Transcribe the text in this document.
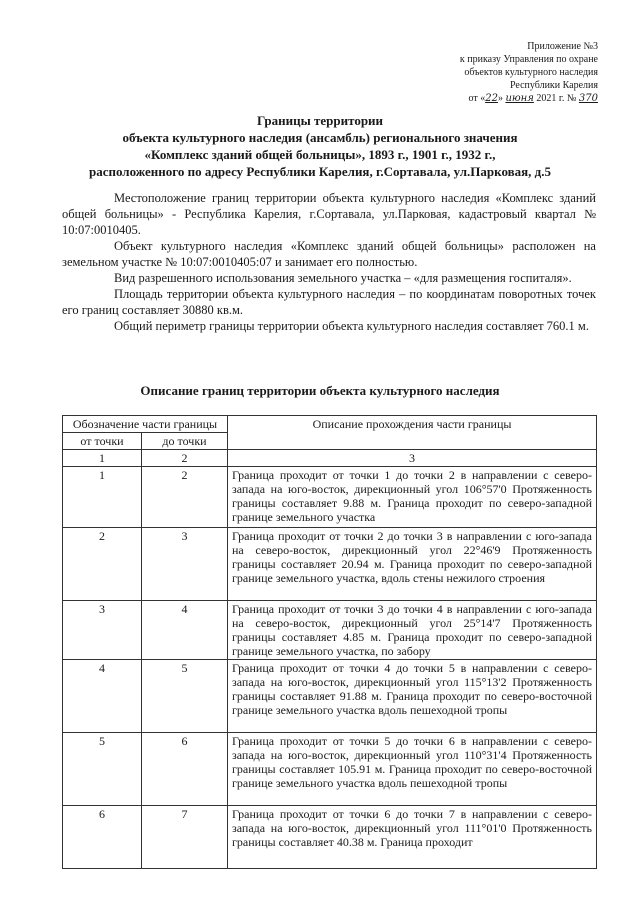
Приложение №3
к приказу Управления по охране
объектов культурного наследия
Республики Карелия
от «22» июня 2021 г. № 370
Границы территории
объекта культурного наследия (ансамбль) регионального значения
«Комплекс зданий общей больницы», 1893 г., 1901 г., 1932 г.,
расположенного по адресу Республики Карелия, г.Сортавала, ул.Парковая, д.5

Местоположение границ территории объекта культурного наследия «Комплекс зданий общей больницы» - Республика Карелия, г.Сортавала, ул.Парковая, кадастровый квартал № 10:07:0010405.

Объект культурного наследия «Комплекс зданий общей больницы» расположен на земельном участке № 10:07:0010405:07 и занимает его полностью.

Вид разрешенного использования земельного участка – «для размещения госпиталя».

Площадь территории объекта культурного наследия – по координатам поворотных точек его границ составляет 30880 кв.м.

Общий периметр границы территории объекта культурного наследия составляет 760.1 м.

Описание границ территории объекта культурного наследия
Обозначение части границы		Описание прохождения части границы
от точки	до точки	
1	2	3
1	2	Граница проходит от точки 1 до точки 2 в направлении с северо-запада на юго-восток, дирекционный угол 106°57'0 Протяженность границы составляет 9.88 м. Граница проходит по северо-западной границе земельного участка
2	3	Граница проходит от точки 2 до точки 3 в направлении с юго-запада на северо-восток, дирекционный угол 22°46'9 Протяженность границы составляет 20.94 м. Граница проходит по северо-западной границе земельного участка, вдоль стены нежилого строения
3	4	Граница проходит от точки 3 до точки 4 в направлении с юго-запада на северо-восток, дирекционный угол 25°14'7 Протяженность границы составляет 4.85 м. Граница проходит по северо-западной границе земельного участка, по забору
4	5	Граница проходит от точки 4 до точки 5 в направлении с северо-запада на юго-восток, дирекционный угол 115°13'2 Протяженность границы составляет 91.88 м. Граница проходит по северо-восточной границе земельного участка вдоль пешеходной тропы
5	6	Граница проходит от точки 5 до точки 6 в направлении с северо-запада на юго-восток, дирекционный угол 110°31'4 Протяженность границы составляет 105.91 м. Граница проходит по северо-восточной границе земельного участка вдоль пешеходной тропы
6	7	Граница проходит от точки 6 до точки 7 в направлении с северо-запада на юго-восток, дирекционный угол 111°01'0 Протяженность границы составляет 40.38 м. Граница проходит
